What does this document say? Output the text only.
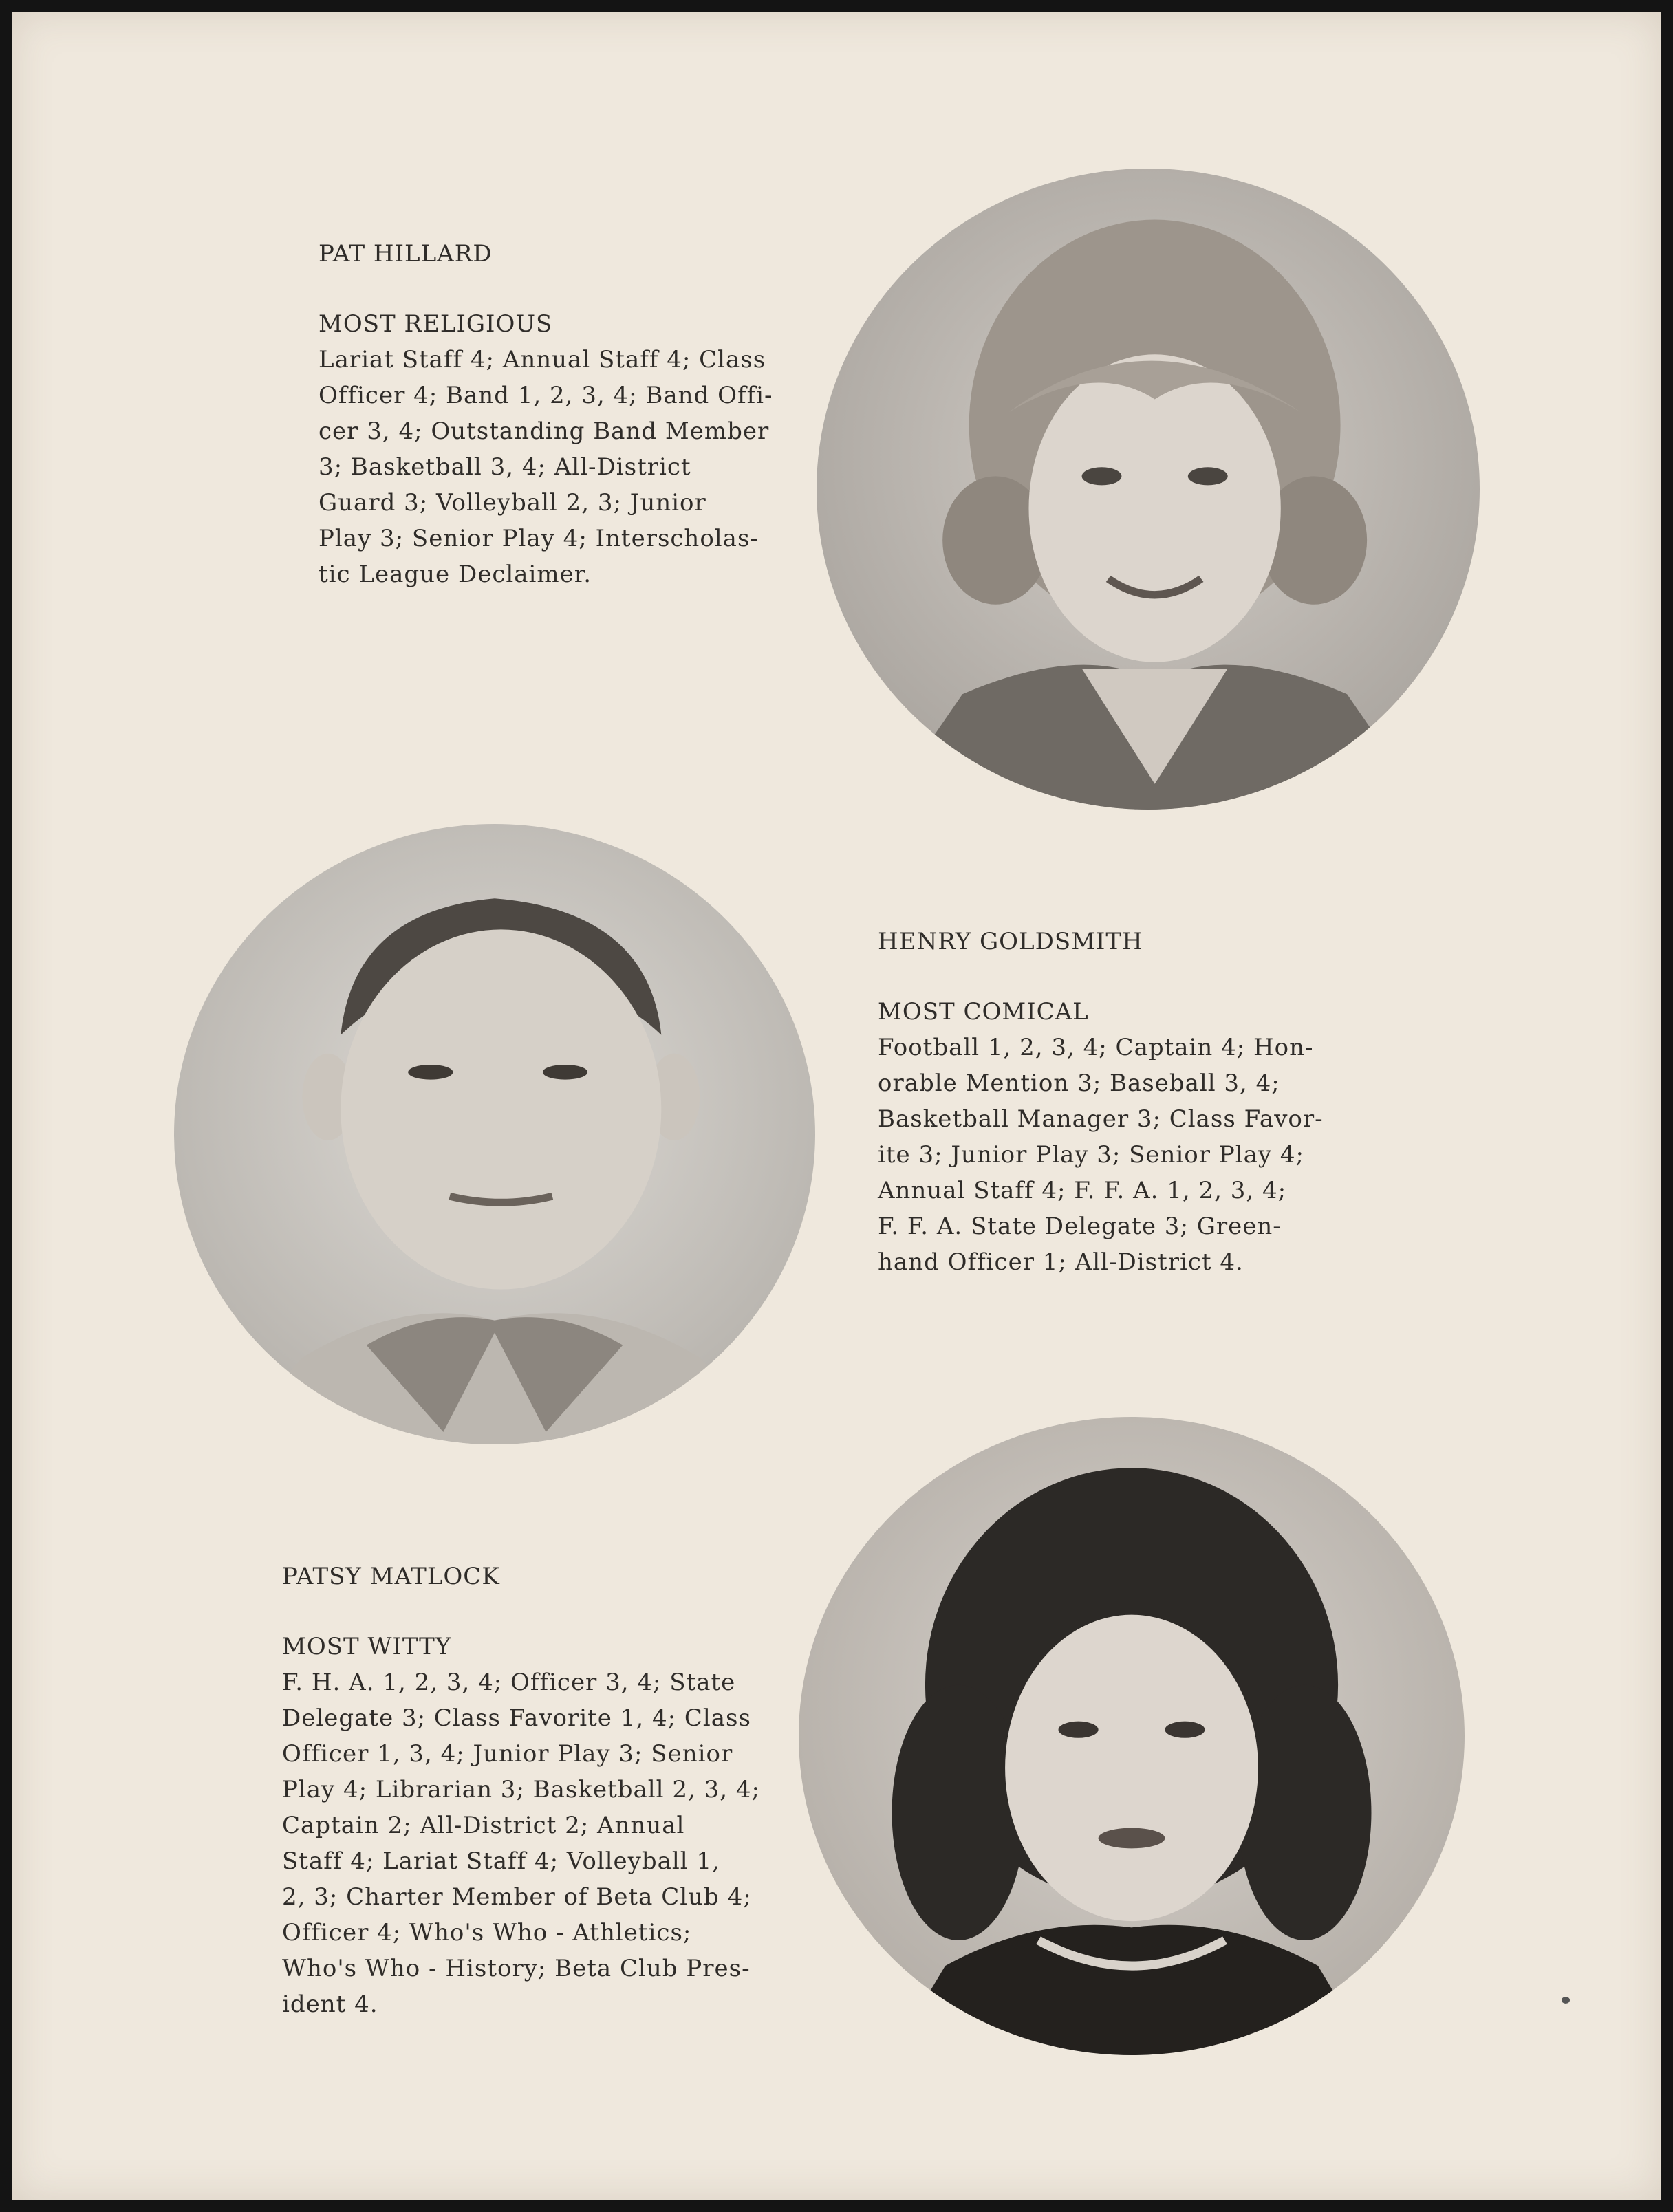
PAT HILLARD
MOST RELIGIOUS
Lariat Staff 4; Annual Staff 4; Class
Officer 4; Band 1, 2, 3, 4; Band Offi-
cer 3, 4; Outstanding Band Member
3; Basketball 3, 4; All-District
Guard 3; Volleyball 2, 3; Junior
Play 3; Senior Play 4; Interscholas-
tic League Declaimer.
HENRY GOLDSMITH
MOST COMICAL
Football 1, 2, 3, 4; Captain 4; Hon-
orable Mention 3; Baseball 3, 4;
Basketball Manager 3; Class Favor-
ite 3; Junior Play 3; Senior Play 4;
Annual Staff 4; F. F. A. 1, 2, 3, 4;
F. F. A. State Delegate 3; Green-
hand Officer 1; All-District 4.
PATSY MATLOCK
MOST WITTY
F. H. A. 1, 2, 3, 4; Officer 3, 4; State
Delegate 3; Class Favorite 1, 4; Class
Officer 1, 3, 4; Junior Play 3; Senior
Play 4; Librarian 3; Basketball 2, 3, 4;
Captain 2; All-District 2; Annual
Staff 4; Lariat Staff 4; Volleyball 1,
2, 3; Charter Member of Beta Club 4;
Officer 4; Who's Who - Athletics;
Who's Who - History; Beta Club Pres-
ident 4.
